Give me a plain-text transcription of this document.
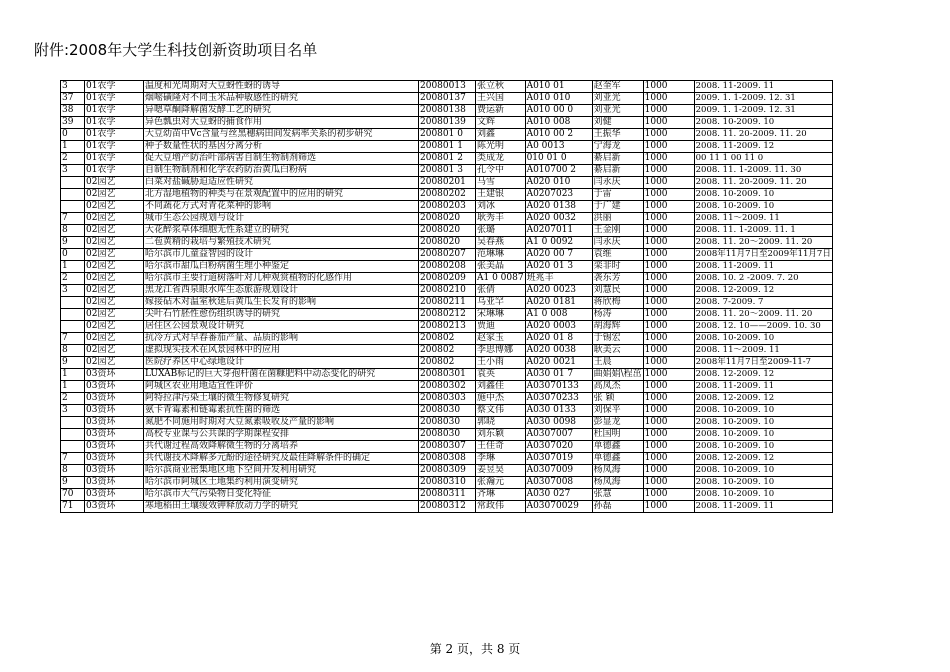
附件:2008年大学生科技创新资助项目名单
3	01农学	温度和光周期对大豆蚜性蚜的诱导	20080013	张立秋	A010 01	赵奎军	1000	2008. 11-2009. 11
37	01农学	烟嘧磺隆对不同玉米品种敏感性的研究	20080137	王兴国	A010 010	刘亚光	1000	2009. 1. 1-2009. 12. 31
38	01农学	异嗯草酮降解菌发酵工艺的研究	20080138	费运新	A010 00 0	刘亚光	1000	2009. 1. 1-2009. 12. 31
39	01农学	异色瓢虫对大豆蚜的捕食作用	20080139	文辉	A010 008	刘健	1000	2008. 10-2009. 10
0	01农学	大豆幼苗中Vc含量与丝黑穗病田间发病率关系的初步研究	200801 0	刘鑫	A010 00 2	王振华	1000	2008. 11. 20-2009. 11. 20
1	01农学	种子数量性状的基因分离分析	200801 1	陈光明	A0 0013	宁海龙	1000	2008. 11-2009. 12
2	01农学	促大豆增产防治叶部病害自制生物制剂筛选	200801 2	类成龙	010 01 0	綦启新	1000	00 11 1 00 11 0
3	01农学	自制生物制剂和化学农药防治黄瓜白粉病	200801 3	孔令中	A010700 2	綦启新	1000	2008. 11. 1-2009. 11. 30
	02园艺	白菜对盐碱胁迫适应性研究	20080201	马雪	A020 010	闫永庆	1000	2008. 11. 20-2009. 11. 20
	02园艺	北方湿地植物的种类与在景观配置中的应用的研究	20080202	王建银	A0207023	于雷	1000	2008. 10-2009. 10
	02园艺	不同蔬花方式对青花菜种的影响	20080203	刘冰	A020 0138	于广建	1000	2008. 10-2009. 10
7	02园艺	城市生态公园规划与设计	2008020	耿秀丰	A020 0032	洪丽	1000	2008. 11～2009. 11
8	02园艺	大花醉浆草体细胞无性系建立的研究	2008020	张璐	A0207011	王金刚	1000	2008. 11. 1-2009. 11. 1
9	02园艺	二苞黄精的栽培与繁殖技术研究	2008020	吴春燕	A1 0 0092	闫永庆	1000	2008. 11. 20～2009. 11. 20
0	02园艺	哈尔滨市儿童益智园的设计	20080207	范琳琳	A020 00 7	袁维	1000	2008年11月7日至2009年11月7日
1	02园艺	哈尔滨市甜瓜白粉病菌生理小种鉴定	20080208	张美晶	A020 01 3	栾非时	1000	2008. 11-2009. 11
2	02园艺	哈尔滨市主要行道树落叶对几种观赏植物的化感作用	20080209	A1 0 0087	班兆丰	袭东芳	1000	2008. 10. 2 -2009. 7. 20
3	02园艺	黑龙江省西泉眼水库生态旅游规划设计	20080210	张倩	A020 0023	刘慧民	1000	2008. 12-2009. 12
	02园艺	嫁接砧木对温室秋延后黄瓜生长发育的影响	20080211	乌亚罕	A020 0181	蒋欣梅	1000	2008. 7-2009. 7
	02园艺	尖叶石竹胚性愈伤组织诱导的研究	20080212	宋琳琳	A1 0 008	杨涛	1000	2008. 11. 20～2009. 11. 20
	02园艺	居住区公园景观设计研究	20080213	贾迪	A020 0003	胡海辉	1000	2008. 12. 10——2009. 10. 30
7	02园艺	抗冷方式对早春番茄产量、品质的影响	200802	赵家玉	A020 01 8	于锡宏	1000	2008. 10-2009. 10
8	02园艺	虚拟现实技术在风景园林中的应用	200802	李思博娜	A020 0038	耿美云	1000	2008. 11～2009. 11
9	02园艺	医院疗养区中心绿地设计	200802	王小雨	A020 0021	王晨	1000	2008年11月7日至2009-11-7
1	03资环	LUXAB标记的巨大芽孢杆菌在菌糠肥料中动态变化的研究	20080301	袁英	A030 01 7	曲娟娟\程茁	1000	2008. 12-2009. 12
1	03资环	阿城区农业用地适宜性评价	20080302	刘鑫佳	A03070133	高凤杰	1000	2008. 11-2009. 11
2	03资环	阿特拉津污染土壤的微生物修复研究	20080303	施中杰	A03070233	张 颖	1000	2008. 12-2009. 12
3	03资环	氨卡青霉素和链霉素抗性菌的筛选	2008030	蔡文伟	A030 0133	刘保平	1000	2008. 10-2009. 10
	03资环	氮肥不同施用时期对大豆氮素吸收及产量的影响	2008030	郭晓	A030 0098	彭显龙	1000	2008. 10-2009. 10
	03资环	高校专业课与公共课的学期课程安排	2008030	刘东颖	A0307007	杜国明	1000	2008. 10-2009. 10
	03资环	共代谢过程高效降解微生物的分离培养	20080307	王佳奇	A0307020	单德鑫	1000	2008. 10-2009. 10
7	03资环	共代谢技术降解多元酚的途径研究及最佳降解条件的确定	20080308	李琳	A0307019	单德鑫	1000	2008. 12-2009. 12
8	03资环	哈尔滨商业密集地区地下空间开发利用研究	20080309	姜昱昊	A0307009	杨凤海	1000	2008. 10-2009. 10
9	03资环	哈尔滨市阿城区土地集约利用演变研究	20080310	张瀚元	A0307008	杨凤海	1000	2008. 10-2009. 10
70	03资环	哈尔滨市大气污染物日变化特征	20080311	齐琳	A030 027	张慧	1000	2008. 10-2009. 10
71	03资环	寒地稻田土壤缓效钾释放动力学的研究	20080312	常政伟	A03070029	孙磊	1000	2008. 11-2009. 11
第 2 页，共 8 页
